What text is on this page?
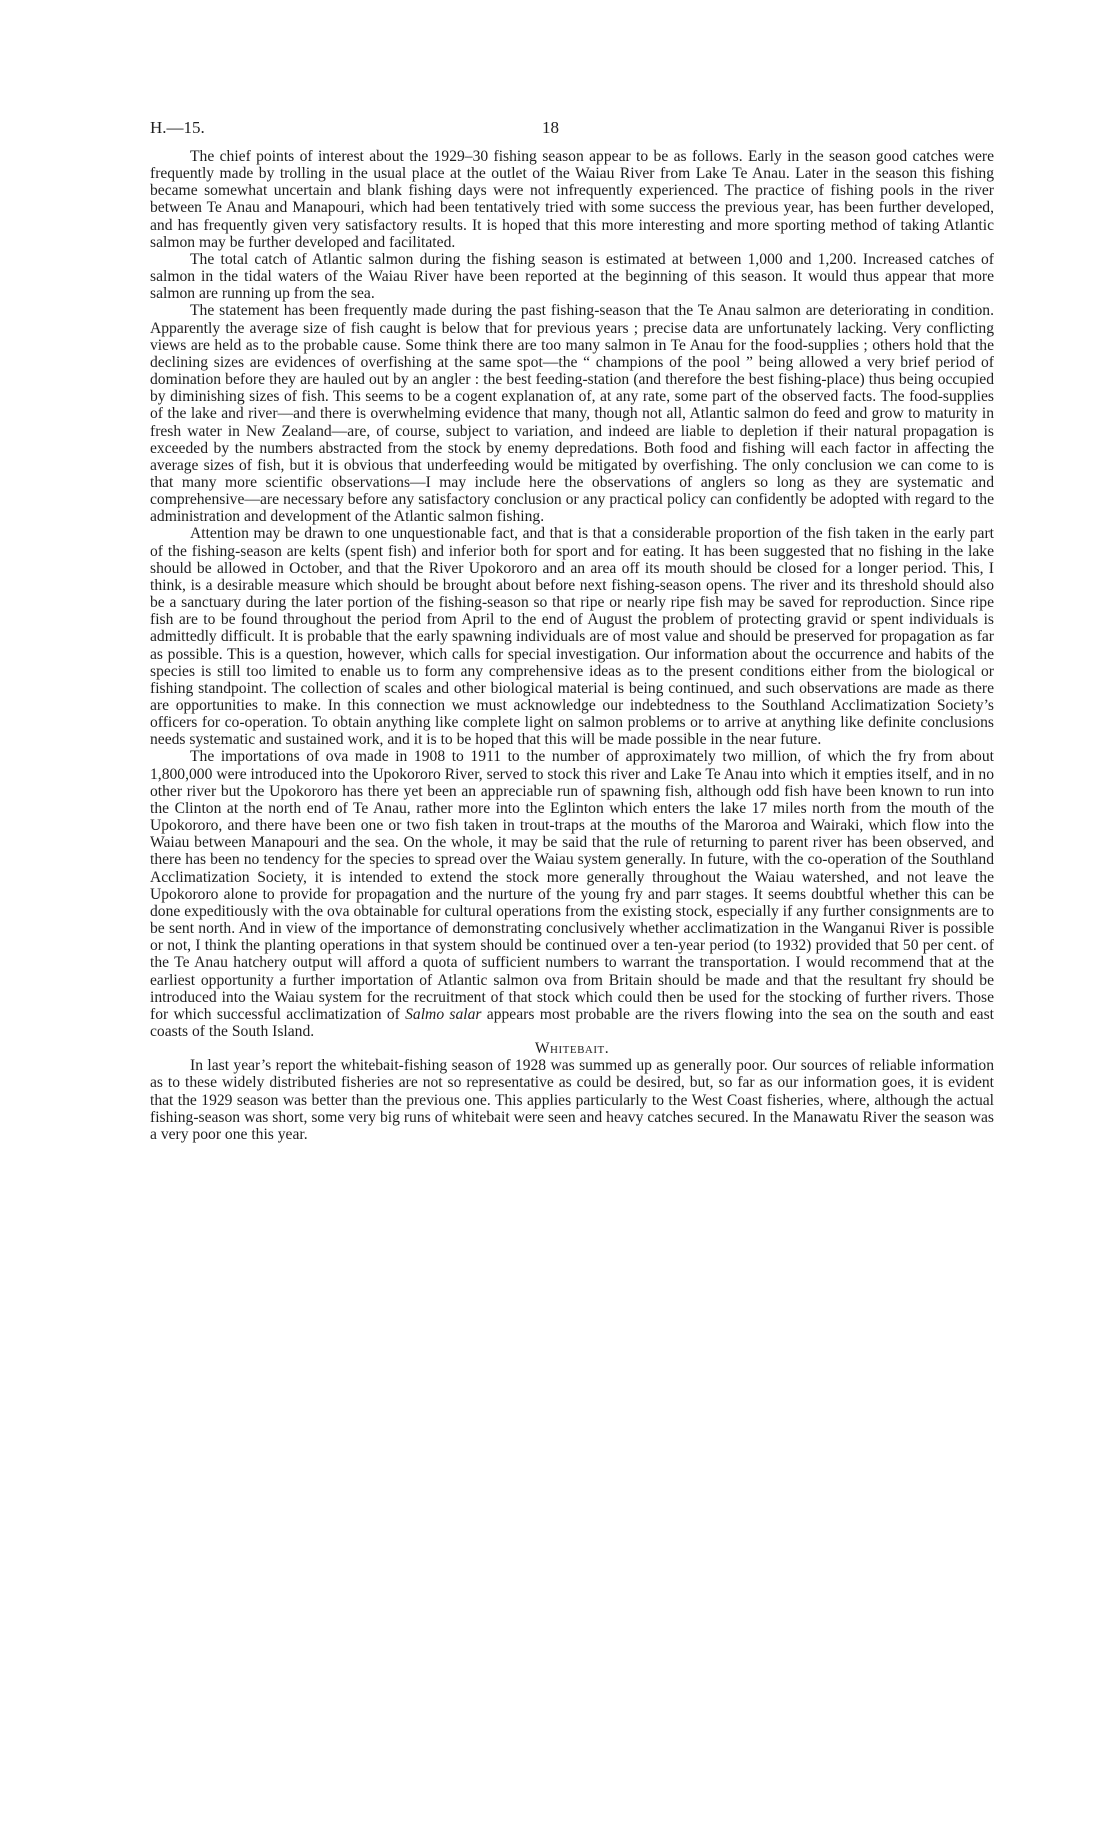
H.—15.	18

The chief points of interest about the 1929–30 fishing season appear to be as follows. Early in the season good catches were frequently made by trolling in the usual place at the outlet of the Waiau River from Lake Te Anau. Later in the season this fishing became somewhat uncertain and blank fishing days were not infrequently experienced. The practice of fishing pools in the river between Te Anau and Manapouri, which had been tentatively tried with some success the previous year, has been further developed, and has frequently given very satisfactory results. It is hoped that this more interesting and more sporting method of taking Atlantic salmon may be further developed and facilitated.

The total catch of Atlantic salmon during the fishing season is estimated at between 1,000 and 1,200. Increased catches of salmon in the tidal waters of the Waiau River have been reported at the beginning of this season. It would thus appear that more salmon are running up from the sea.

The statement has been frequently made during the past fishing-season that the Te Anau salmon are deteriorating in condition. Apparently the average size of fish caught is below that for previous years ; precise data are unfortunately lacking. Very conflicting views are held as to the probable cause. Some think there are too many salmon in Te Anau for the food-supplies ; others hold that the declining sizes are evidences of overfishing at the same spot—the “ champions of the pool ” being allowed a very brief period of domination before they are hauled out by an angler : the best feeding-station (and therefore the best fishing-place) thus being occupied by diminishing sizes of fish. This seems to be a cogent explanation of, at any rate, some part of the observed facts. The food-supplies of the lake and river—and there is overwhelming evidence that many, though not all, Atlantic salmon do feed and grow to maturity in fresh water in New Zealand—are, of course, subject to variation, and indeed are liable to depletion if their natural propagation is exceeded by the numbers abstracted from the stock by enemy depredations. Both food and fishing will each factor in affecting the average sizes of fish, but it is obvious that underfeeding would be mitigated by overfishing. The only conclusion we can come to is that many more scientific observations—I may include here the observations of anglers so long as they are systematic and comprehensive—are necessary before any satisfactory conclusion or any practical policy can confidently be adopted with regard to the administration and development of the Atlantic salmon fishing.

Attention may be drawn to one unquestionable fact, and that is that a considerable proportion of the fish taken in the early part of the fishing-season are kelts (spent fish) and inferior both for sport and for eating. It has been suggested that no fishing in the lake should be allowed in October, and that the River Upokororo and an area off its mouth should be closed for a longer period. This, I think, is a desirable measure which should be brought about before next fishing-season opens. The river and its threshold should also be a sanctuary during the later portion of the fishing-season so that ripe or nearly ripe fish may be saved for reproduction. Since ripe fish are to be found throughout the period from April to the end of August the problem of protecting gravid or spent individuals is admittedly difficult. It is probable that the early spawning individuals are of most value and should be preserved for propagation as far as possible. This is a question, however, which calls for special investigation. Our information about the occurrence and habits of the species is still too limited to enable us to form any comprehensive ideas as to the present conditions either from the biological or fishing standpoint. The collection of scales and other biological material is being continued, and such observations are made as there are opportunities to make. In this connection we must acknowledge our indebtedness to the Southland Acclimatization Society’s officers for co-operation. To obtain anything like complete light on salmon problems or to arrive at anything like definite conclusions needs systematic and sustained work, and it is to be hoped that this will be made possible in the near future.

The importations of ova made in 1908 to 1911 to the number of approximately two million, of which the fry from about 1,800,000 were introduced into the Upokororo River, served to stock this river and Lake Te Anau into which it empties itself, and in no other river but the Upokororo has there yet been an appreciable run of spawning fish, although odd fish have been known to run into the Clinton at the north end of Te Anau, rather more into the Eglinton which enters the lake 17 miles north from the mouth of the Upokororo, and there have been one or two fish taken in trout-traps at the mouths of the Maroroa and Wairaki, which flow into the Waiau between Manapouri and the sea. On the whole, it may be said that the rule of returning to parent river has been observed, and there has been no tendency for the species to spread over the Waiau system generally. In future, with the co-operation of the Southland Acclimatization Society, it is intended to extend the stock more generally throughout the Waiau watershed, and not leave the Upokororo alone to provide for propagation and the nurture of the young fry and parr stages. It seems doubtful whether this can be done expeditiously with the ova obtainable for cultural operations from the existing stock, especially if any further consignments are to be sent north. And in view of the importance of demonstrating conclusively whether acclimatization in the Wanganui River is possible or not, I think the planting operations in that system should be continued over a ten-year period (to 1932) provided that 50 per cent. of the Te Anau hatchery output will afford a quota of sufficient numbers to warrant the transportation. I would recommend that at the earliest opportunity a further importation of Atlantic salmon ova from Britain should be made and that the resultant fry should be introduced into the Waiau system for the recruitment of that stock which could then be used for the stocking of further rivers. Those for which successful acclimatization of Salmo salar appears most probable are the rivers flowing into the sea on the south and east coasts of the South Island.

Whitebait.

In last year’s report the whitebait-fishing season of 1928 was summed up as generally poor. Our sources of reliable information as to these widely distributed fisheries are not so representative as could be desired, but, so far as our information goes, it is evident that the 1929 season was better than the previous one. This applies particularly to the West Coast fisheries, where, although the actual fishing-season was short, some very big runs of whitebait were seen and heavy catches secured. In the Manawatu River the season was a very poor one this year.
